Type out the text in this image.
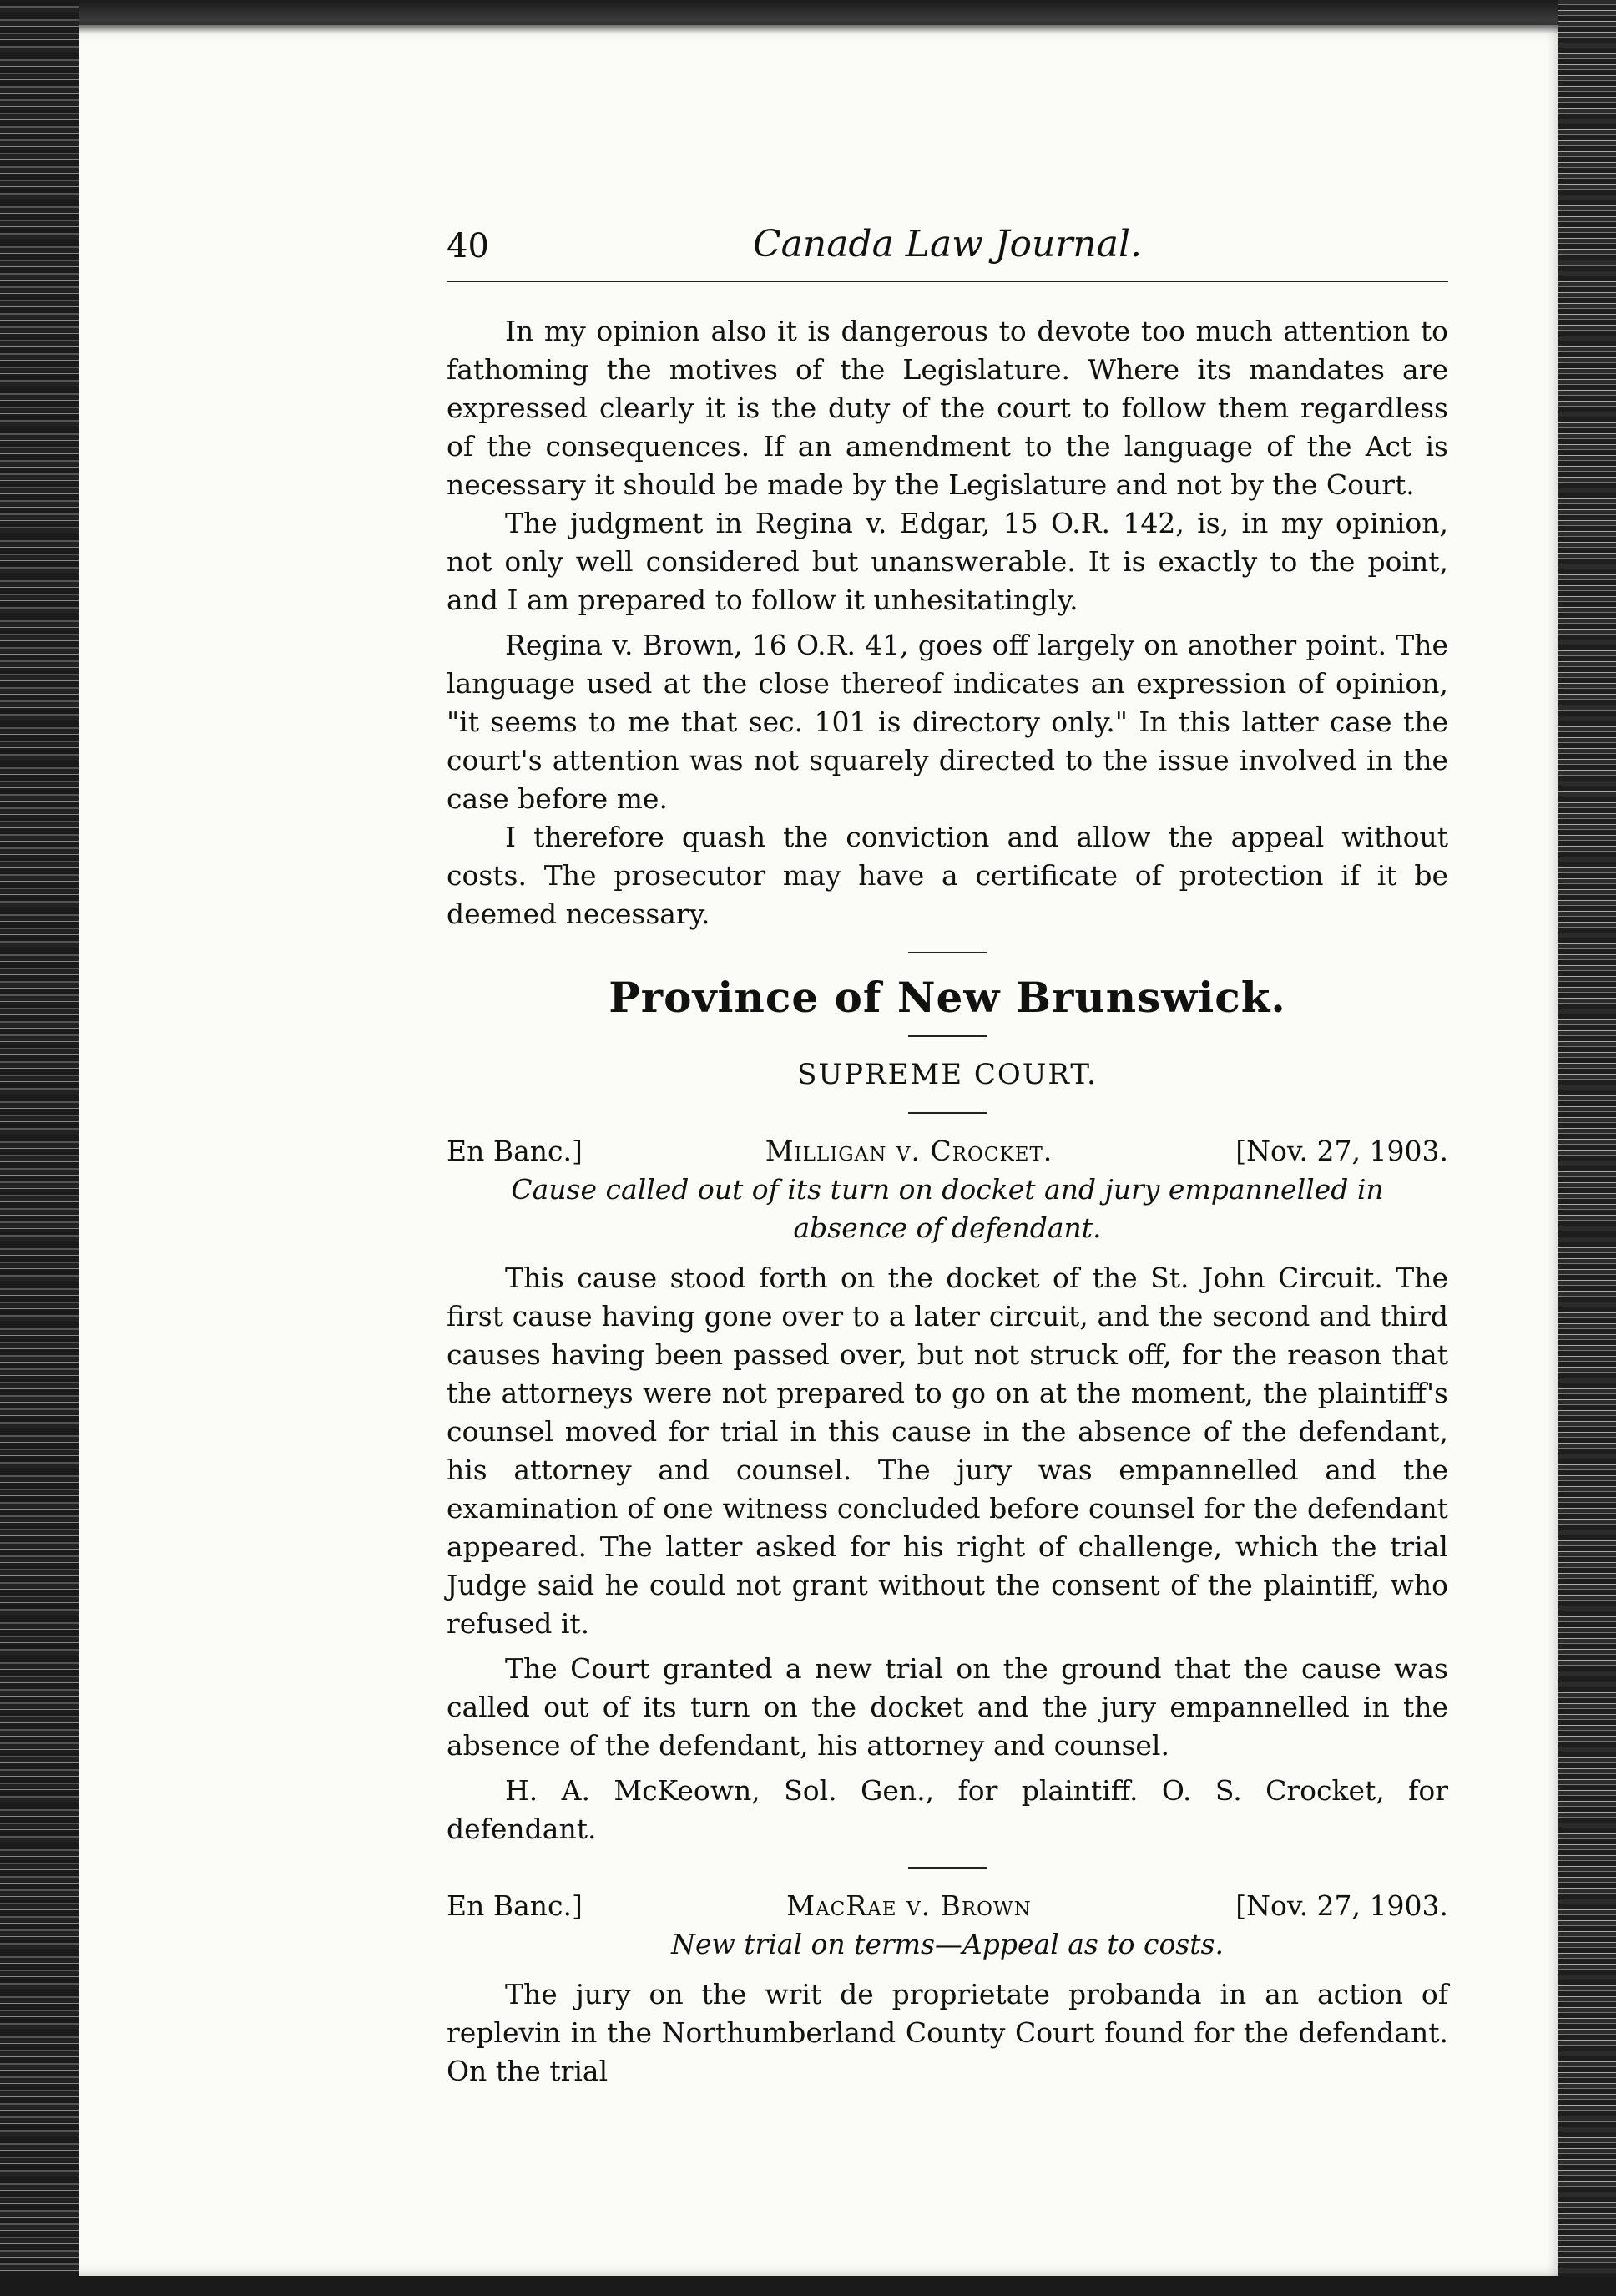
40	Canada Law Journal.

In my opinion also it is dangerous to devote too much attention to fathoming the motives of the Legislature. Where its mandates are expressed clearly it is the duty of the court to follow them regardless of the consequences. If an amendment to the language of the Act is necessary it should be made by the Legislature and not by the Court.

The judgment in Regina v. Edgar, 15 O.R. 142, is, in my opinion, not only well considered but unanswerable. It is exactly to the point, and I am prepared to follow it unhesitatingly.

Regina v. Brown, 16 O.R. 41, goes off largely on another point. The language used at the close thereof indicates an expression of opinion, "it seems to me that sec. 101 is directory only." In this latter case the court's attention was not squarely directed to the issue involved in the case before me.

I therefore quash the conviction and allow the appeal without costs. The prosecutor may have a certificate of protection if it be deemed necessary.

Province of New Brunswick.
SUPREME COURT.
En Banc.]	Milligan v. Crocket.	[Nov. 27, 1903.

Cause called out of its turn on docket and jury empannelled in absence of defendant.

This cause stood forth on the docket of the St. John Circuit. The first cause having gone over to a later circuit, and the second and third causes having been passed over, but not struck off, for the reason that the attorneys were not prepared to go on at the moment, the plaintiff's counsel moved for trial in this cause in the absence of the defendant, his attorney and counsel. The jury was empannelled and the examination of one witness concluded before counsel for the defendant appeared. The latter asked for his right of challenge, which the trial Judge said he could not grant without the consent of the plaintiff, who refused it.

The Court granted a new trial on the ground that the cause was called out of its turn on the docket and the jury empannelled in the absence of the defendant, his attorney and counsel.

H. A. McKeown, Sol. Gen., for plaintiff. O. S. Crocket, for defendant.

En Banc.]	MacRae v. Brown	[Nov. 27, 1903.

New trial on terms—Appeal as to costs.

The jury on the writ de proprietate probanda in an action of replevin in the Northumberland County Court found for the defendant. On the trial
